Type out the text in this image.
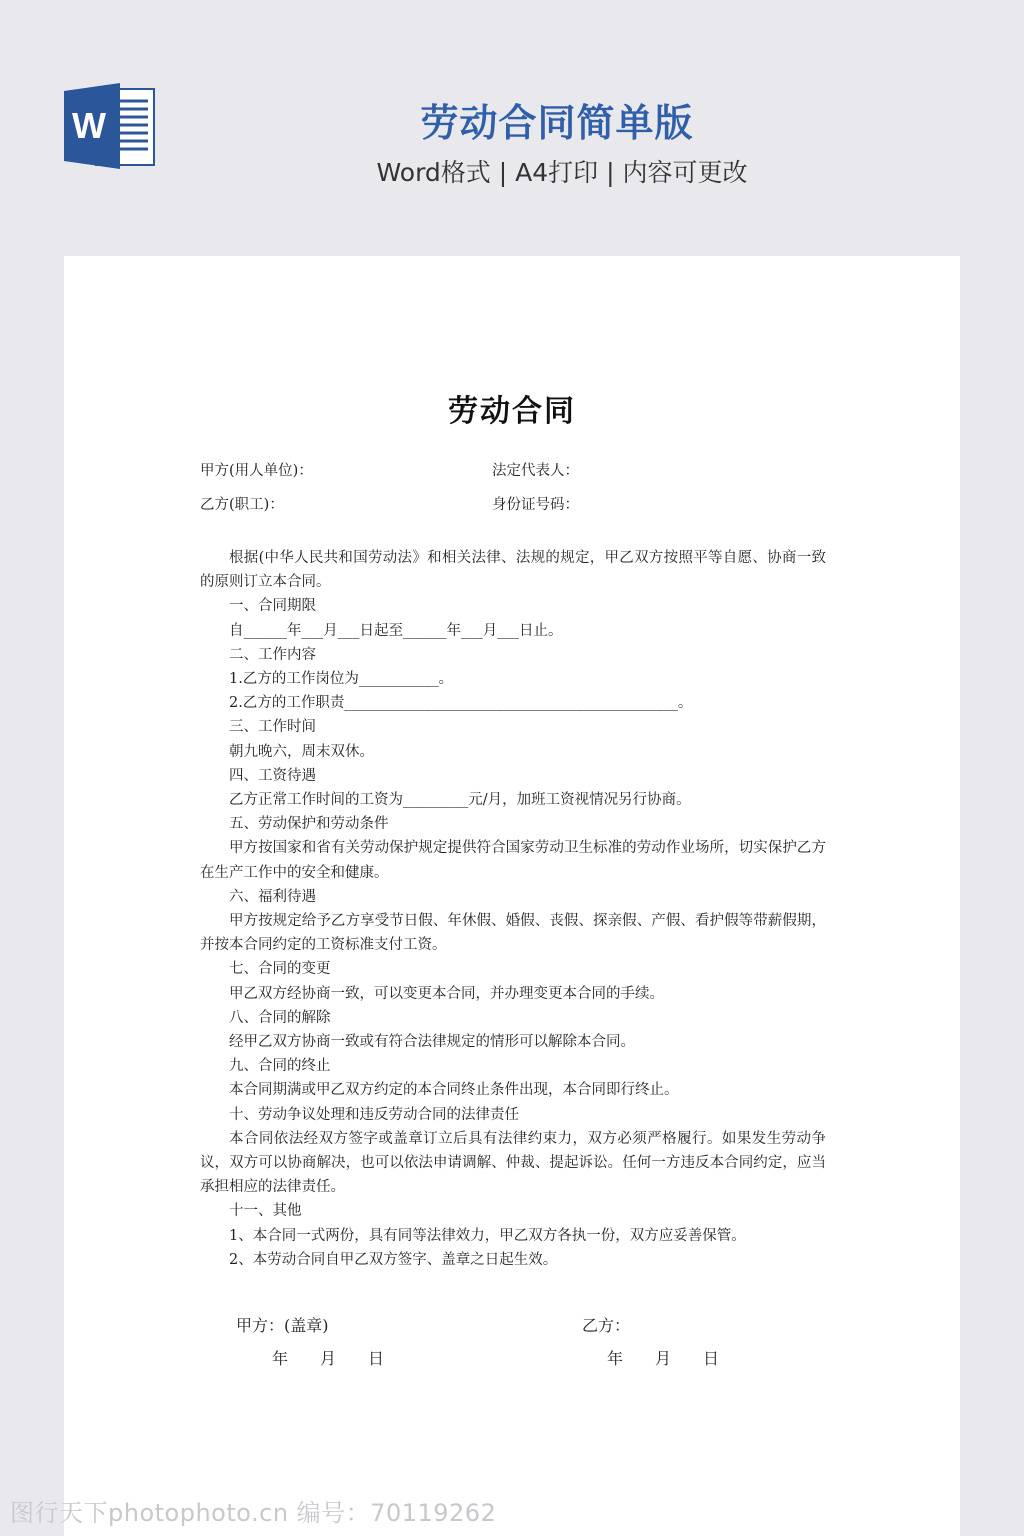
W	劳动合同简单版
Word格式 | A4打印 | 内容可更改
劳动合同
甲方(用人单位)：	法定代表人：
乙方(职工)：	身份证号码：

根据(中华人民共和国劳动法》和相关法律、法规的规定，甲乙双方按照平等自愿、协商一致的原则订立本合同。

一、合同期限

自______年___月___日起至______年___月___日止。

二、工作内容

1.乙方的工作岗位为___________。

2.乙方的工作职责______________________________________________。

三、工作时间

朝九晚六，周末双休。

四、工资待遇

乙方正常工作时间的工资为_________元/月，加班工资视情况另行协商。

五、劳动保护和劳动条件

甲方按国家和省有关劳动保护规定提供符合国家劳动卫生标准的劳动作业场所，切实保护乙方在生产工作中的安全和健康。

六、福利待遇

甲方按规定给予乙方享受节日假、年休假、婚假、丧假、探亲假、产假、看护假等带薪假期，并按本合同约定的工资标准支付工资。

七、合同的变更

甲乙双方经协商一致，可以变更本合同，并办理变更本合同的手续。

八、合同的解除

经甲乙双方协商一致或有符合法律规定的情形可以解除本合同。

九、合同的终止

本合同期满或甲乙双方约定的本合同终止条件出现，本合同即行终止。

十、劳动争议处理和违反劳动合同的法律责任

本合同依法经双方签字或盖章订立后具有法律约束力，双方必须严格履行。如果发生劳动争议，双方可以协商解决，也可以依法申请调解、仲裁、提起诉讼。任何一方违反本合同约定，应当承担相应的法律责任。

十一、其他

1、本合同一式两份，具有同等法律效力，甲乙双方各执一份，双方应妥善保管。

2、本劳动合同自甲乙双方签字、盖章之日起生效。

甲方：(盖章)	乙方：
年　　月　　日	年　　月　　日
图行天下photophoto.cn 编号：70119262
